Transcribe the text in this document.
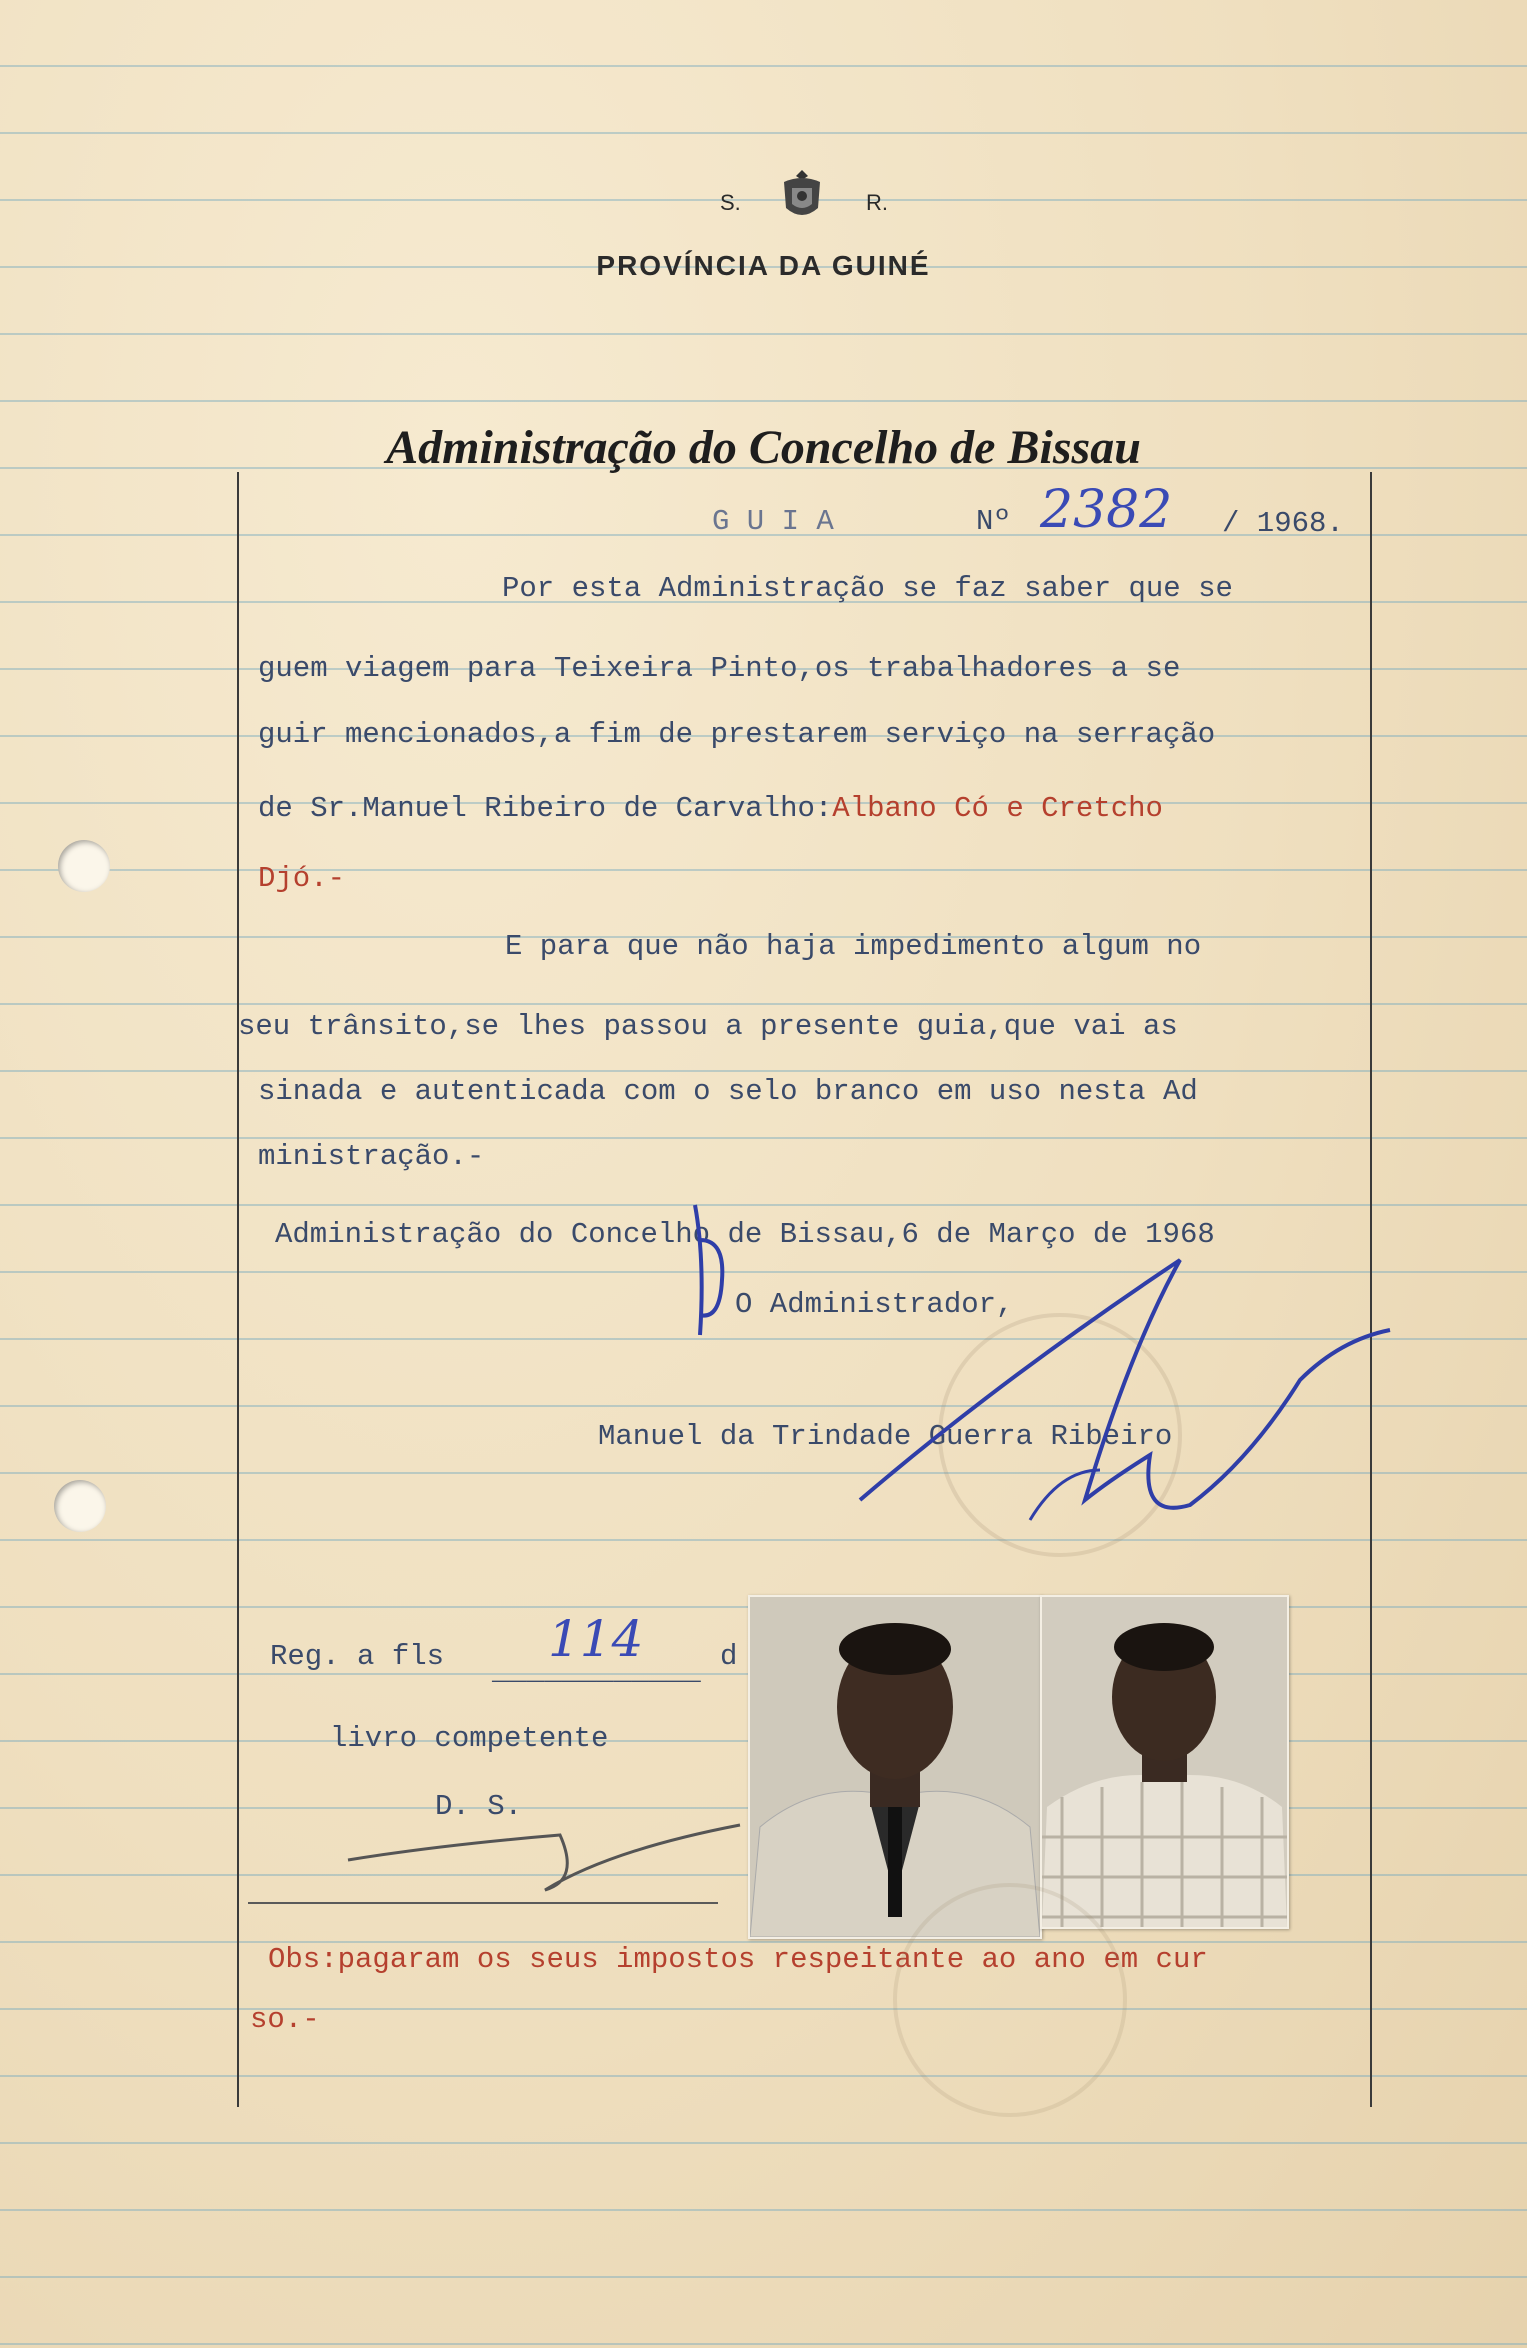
S.	R.
PROVÍNCIA DA GUINÉ
Administração do Concelho de Bissau
G U I A	Nº 2382 / 1968.
Por esta Administração se faz saber que se
guem viagem para Teixeira Pinto,os trabalhadores a se
guir mencionados,a fim de prestarem serviço na serração
de Sr.Manuel Ribeiro de Carvalho:Albano Có e Cretcho
Djó.-
E para que não haja impedimento algum no
seu trânsito,se lhes passou a presente guia,que vai as
sinada e autenticada com o selo branco em uso nesta Ad
ministração.-
Administração do Concelho de Bissau,6 de Março de 1968
O Administrador,
Manuel da Trindade Guerra Ribeiro
Reg. a fls 114
____________ d
livro competente
D. S.
Obs:pagaram os seus impostos respeitante ao ano em cur
so.-
